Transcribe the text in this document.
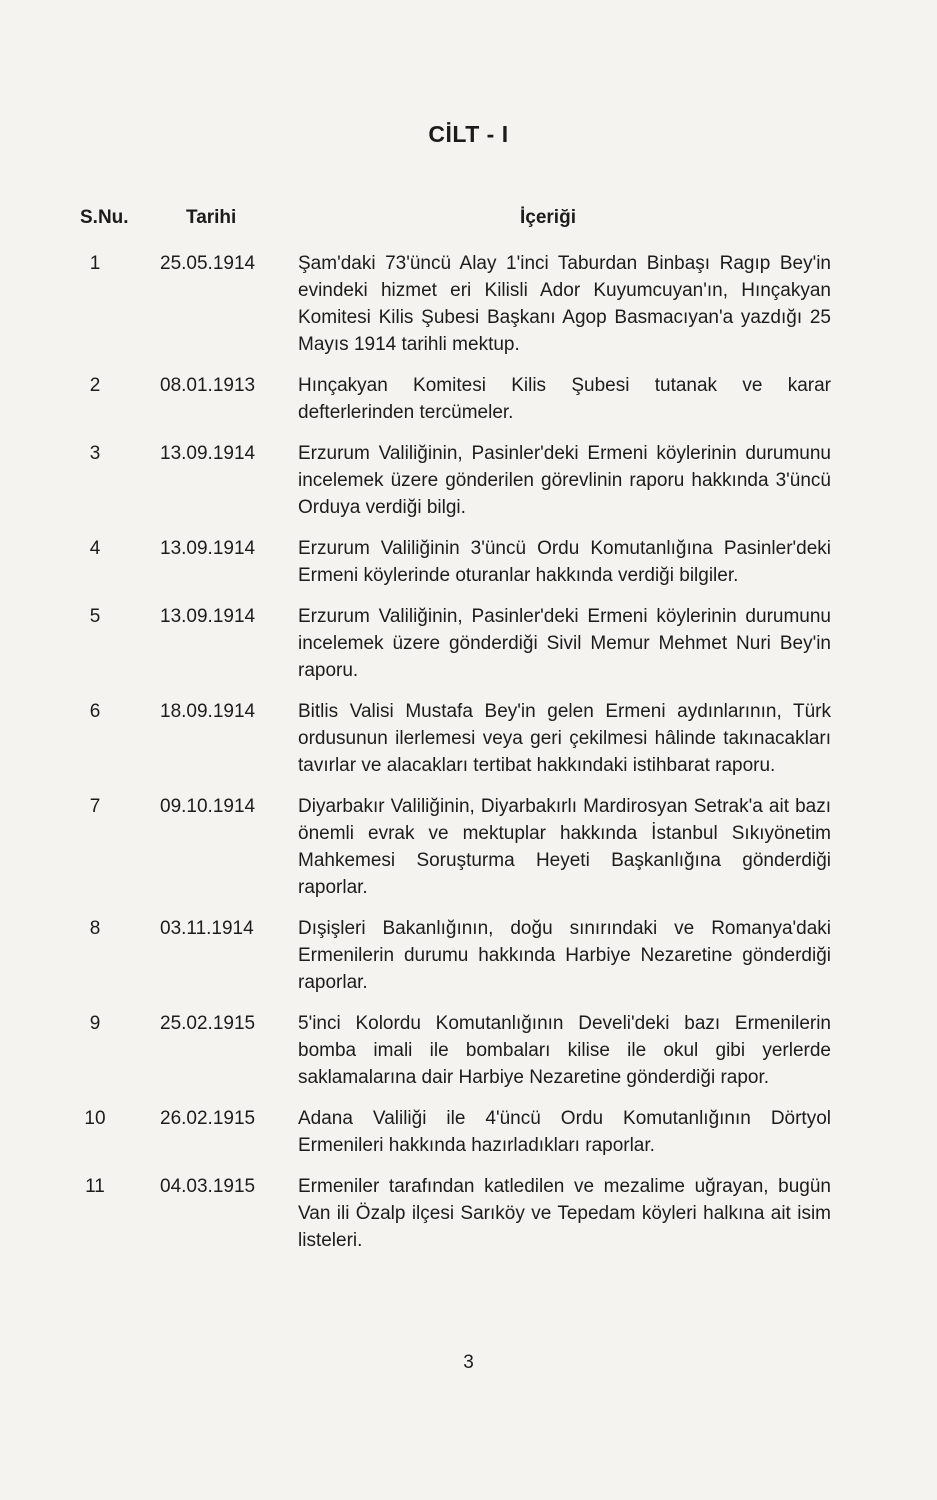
CİLT - I
S.Nu.	Tarihi	İçeriği
1	25.05.1914 Şam'daki 73'üncü Alay 1'inci Taburdan Binbaşı Ragıp Bey'in evindeki hizmet eri Kilisli Ador Kuyumcuyan'ın, Hınçakyan Komitesi Kilis Şubesi Başkanı Agop Basmacıyan'a yazdığı 25 Mayıs 1914 tarihli mektup.
2	08.01.1913 Hınçakyan Komitesi Kilis Şubesi tutanak ve karar defterlerinden tercümeler.
3	13.09.1914 Erzurum Valiliğinin, Pasinler'deki Ermeni köylerinin durumunu incelemek üzere gönderilen görevlinin raporu hakkında 3'üncü Orduya verdiği bilgi.
4	13.09.1914 Erzurum Valiliğinin 3'üncü Ordu Komutanlığına Pasinler'deki Ermeni köylerinde oturanlar hakkında verdiği bilgiler.
5	13.09.1914 Erzurum Valiliğinin, Pasinler'deki Ermeni köylerinin durumunu incelemek üzere gönderdiği Sivil Memur Mehmet Nuri Bey'in raporu.
6	18.09.1914 Bitlis Valisi Mustafa Bey'in gelen Ermeni aydınlarının, Türk ordusunun ilerlemesi veya geri çekilmesi hâlinde takınacakları tavırlar ve alacakları tertibat hakkındaki istihbarat raporu.
7	09.10.1914 Diyarbakır Valiliğinin, Diyarbakırlı Mardirosyan Setrak'a ait bazı önemli evrak ve mektuplar hakkında İstanbul Sıkıyönetim Mahkemesi Soruşturma Heyeti Başkanlığına gönderdiği raporlar.
8	03.11.1914 Dışişleri Bakanlığının, doğu sınırındaki ve Romanya'daki Ermenilerin durumu hakkında Harbiye Nezaretine gönderdiği raporlar.
9	25.02.1915 5'inci Kolordu Komutanlığının Develi'deki bazı Ermenilerin bomba imali ile bombaları kilise ile okul gibi yerlerde saklamalarına dair Harbiye Nezaretine gönderdiği rapor.
10	26.02.1915 Adana Valiliği ile 4'üncü Ordu Komutanlığının Dörtyol Ermenileri hakkında hazırladıkları raporlar.
11	04.03.1915 Ermeniler tarafından katledilen ve mezalime uğrayan, bugün Van ili Özalp ilçesi Sarıköy ve Tepedam köyleri halkına ait isim listeleri.
3
